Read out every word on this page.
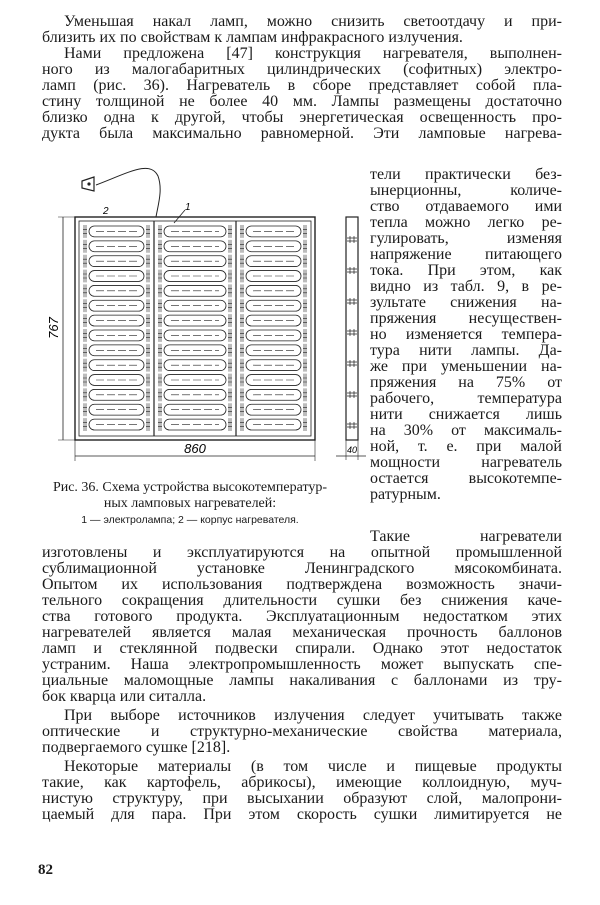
Уменьшая накал ламп, можно снизить светоотдачу и при-
близить их по свойствам к лампам инфракрасного излучения.
Нами предложена [47] конструкция нагревателя, выполнен-
ного из малогабаритных цилиндрических (софитных) электро-
ламп (рис. 36). Нагреватель в сборе представляет собой пла-
стину толщиной не более 40 мм. Лампы размещены достаточно
близко одна к другой, чтобы энергетическая освещенность про-
дукта была максимально равномерной. Эти ламповые нагрева-
тели практически без-
ынерционны, количе-
ство отдаваемого ими
тепла можно легко ре-
гулировать, изменяя
напряжение питающего
тока. При этом, как
видно из табл. 9, в ре-
зультате снижения на-
пряжения несуществен-
но изменяется темпера-
тура нити лампы. Да-
же при уменьшении на-
пряжения на 75% от
рабочего, температура
нити снижается лишь
на 30% от максималь-
ной, т. е. при малой
мощности нагреватель
остается высокотемпе-
ратурным.
Такие нагреватели
изготовлены и эксплуатируются на опытной промышленной
сублимационной установке Ленинградского мясокомбината.
Опытом их использования подтверждена возможность значи-
тельного сокращения длительности сушки без снижения каче-
ства готового продукта. Эксплуатационным недостатком этих
нагревателей является малая механическая прочность баллонов
ламп и стеклянной подвески спирали. Однако этот недостаток
устраним. Наша электропромышленность может выпускать спе-
циальные маломощные лампы накаливания с баллонами из тру-
бок кварца или ситалла.
При выборе источников излучения следует учитывать также
оптические и структурно-механические свойства материала,
подвергаемого сушке [218].
Некоторые материалы (в том числе и пищевые продукты
такие, как картофель, абрикосы), имеющие коллоидную, муч-
нистую структуру, при высыхании образуют слой, малопрони-
цаемый для пара. При этом скорость сушки лимитируется не
1
2
767
860	40
Рис. 36. Схема устройства высокотемператур-
ных ламповых нагревателей:
1 — электролампа; 2 — корпус нагревателя.
82
